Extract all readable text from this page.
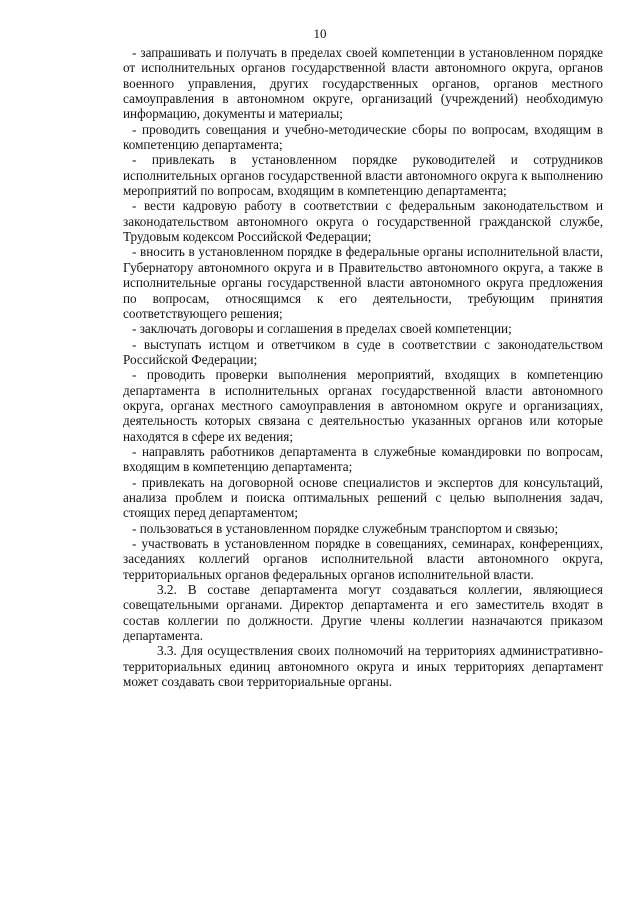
10

- запрашивать и получать в пределах своей компетенции в установленном порядке от исполнительных органов государственной власти автономного округа, органов военного управления, других государственных органов, органов местного самоуправления в автономном округе, организаций (учреждений) необходимую информацию, документы и материалы;

- проводить совещания и учебно-методические сборы по вопросам, входящим в компетенцию департамента;

- привлекать в установленном порядке руководителей и сотрудников исполнительных органов государственной власти автономного округа к выполнению мероприятий по вопросам, входящим в компетенцию департамента;

- вести кадровую работу в соответствии с федеральным законодательством и законодательством автономного округа о государственной гражданской службе, Трудовым кодексом Российской Федерации;

- вносить в установленном порядке в федеральные органы исполнительной власти, Губернатору автономного округа и в Правительство автономного округа, а также в исполнительные органы государственной власти автономного округа предложения по вопросам, относящимся к его деятельности, требующим принятия соответствующего решения;

- заключать договоры и соглашения в пределах своей компетенции;

- выступать истцом и ответчиком в суде в соответствии с законодательством Российской Федерации;

- проводить проверки выполнения мероприятий, входящих в компетенцию департамента в исполнительных органах государственной власти автономного округа, органах местного самоуправления в автономном округе и организациях, деятельность которых связана с деятельностью указанных органов или которые находятся в сфере их ведения;

- направлять работников департамента в служебные командировки по вопросам, входящим в компетенцию департамента;

- привлекать на договорной основе специалистов и экспертов для консультаций, анализа проблем и поиска оптимальных решений с целью выполнения задач, стоящих перед департаментом;

- пользоваться в установленном порядке служебным транспортом и связью;

- участвовать в установленном порядке в совещаниях, семинарах, конференциях, заседаниях коллегий органов исполнительной власти автономного округа, территориальных органов федеральных органов исполнительной власти.

3.2. В составе департамента могут создаваться коллегии, являющиеся совещательными органами. Директор департамента и его заместитель входят в состав коллегии по должности. Другие члены коллегии назначаются приказом департамента.

3.3. Для осуществления своих полномочий на территориях административно-территориальных единиц автономного округа и иных территориях департамент может создавать свои территориальные органы.
